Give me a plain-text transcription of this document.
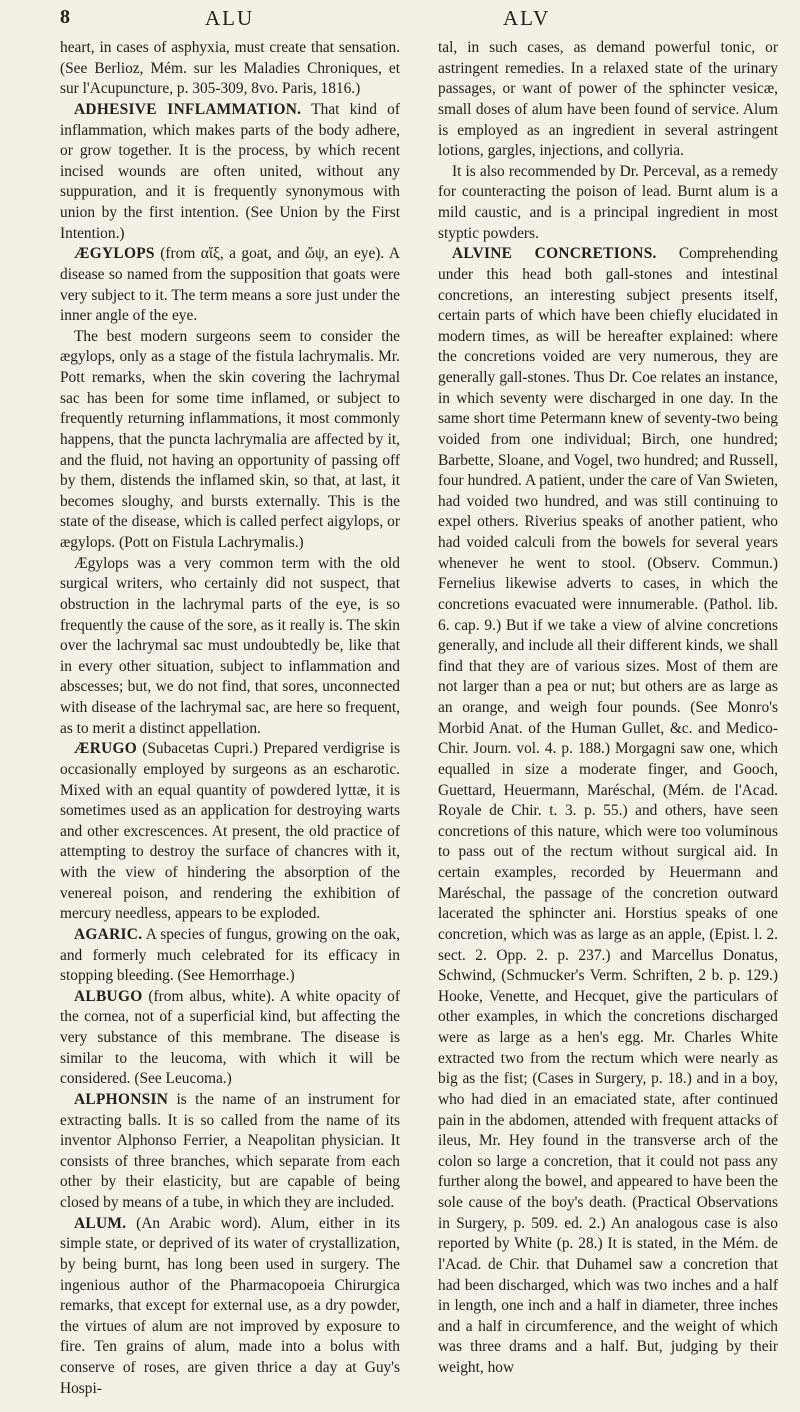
8	ALU	ALV

heart, in cases of asphyxia, must create that sensation. (See Berlioz, Mém. sur les Maladies Chroniques, et sur l'Acupuncture, p. 305-309, 8vo. Paris, 1816.)

ADHESIVE INFLAMMATION. That kind of inflammation, which makes parts of the body adhere, or grow together. It is the process, by which recent incised wounds are often united, without any suppuration, and it is frequently synonymous with union by the first intention. (See Union by the First Intention.)

ÆGYLOPS (from αἴξ, a goat, and ὤψ, an eye). A disease so named from the supposition that goats were very subject to it. The term means a sore just under the inner angle of the eye.

The best modern surgeons seem to consider the ægylops, only as a stage of the fistula lachrymalis. Mr. Pott remarks, when the skin covering the lachrymal sac has been for some time inflamed, or subject to frequently returning inflammations, it most commonly happens, that the puncta lachrymalia are affected by it, and the fluid, not having an opportunity of passing off by them, distends the inflamed skin, so that, at last, it becomes sloughy, and bursts externally. This is the state of the disease, which is called perfect aigylops, or ægylops. (Pott on Fistula Lachrymalis.)

Ægylops was a very common term with the old surgical writers, who certainly did not suspect, that obstruction in the lachrymal parts of the eye, is so frequently the cause of the sore, as it really is. The skin over the lachrymal sac must undoubtedly be, like that in every other situation, subject to inflammation and abscesses; but, we do not find, that sores, unconnected with disease of the lachrymal sac, are here so frequent, as to merit a distinct appellation.

ÆRUGO (Subacetas Cupri.) Prepared verdigrise is occasionally employed by surgeons as an escharotic. Mixed with an equal quantity of powdered lyttæ, it is sometimes used as an application for destroying warts and other excrescences. At present, the old practice of attempting to destroy the surface of chancres with it, with the view of hindering the absorption of the venereal poison, and rendering the exhibition of mercury needless, appears to be exploded.

AGARIC. A species of fungus, growing on the oak, and formerly much celebrated for its efficacy in stopping bleeding. (See Hemorrhage.)

ALBUGO (from albus, white). A white opacity of the cornea, not of a superficial kind, but affecting the very substance of this membrane. The disease is similar to the leucoma, with which it will be considered. (See Leucoma.)

ALPHONSIN is the name of an instrument for extracting balls. It is so called from the name of its inventor Alphonso Ferrier, a Neapolitan physician. It consists of three branches, which separate from each other by their elasticity, but are capable of being closed by means of a tube, in which they are included.

ALUM. (An Arabic word). Alum, either in its simple state, or deprived of its water of crystallization, by being burnt, has long been used in surgery. The ingenious author of the Pharmacopoeia Chirurgica remarks, that except for external use, as a dry powder, the virtues of alum are not improved by exposure to fire. Ten grains of alum, made into a bolus with conserve of roses, are given thrice a day at Guy's Hospi-

tal, in such cases, as demand powerful tonic, or astringent remedies. In a relaxed state of the urinary passages, or want of power of the sphincter vesicæ, small doses of alum have been found of service. Alum is employed as an ingredient in several astringent lotions, gargles, injections, and collyria.

It is also recommended by Dr. Perceval, as a remedy for counteracting the poison of lead. Burnt alum is a mild caustic, and is a principal ingredient in most styptic powders.

ALVINE CONCRETIONS. Comprehending under this head both gall-stones and intestinal concretions, an interesting subject presents itself, certain parts of which have been chiefly elucidated in modern times, as will be hereafter explained: where the concretions voided are very numerous, they are generally gall-stones. Thus Dr. Coe relates an instance, in which seventy were discharged in one day. In the same short time Petermann knew of seventy-two being voided from one individual; Birch, one hundred; Barbette, Sloane, and Vogel, two hundred; and Russell, four hundred. A patient, under the care of Van Swieten, had voided two hundred, and was still continuing to expel others. Riverius speaks of another patient, who had voided calculi from the bowels for several years whenever he went to stool. (Observ. Commun.) Fernelius likewise adverts to cases, in which the concretions evacuated were innumerable. (Pathol. lib. 6. cap. 9.) But if we take a view of alvine concretions generally, and include all their different kinds, we shall find that they are of various sizes. Most of them are not larger than a pea or nut; but others are as large as an orange, and weigh four pounds. (See Monro's Morbid Anat. of the Human Gullet, &c. and Medico-Chir. Journ. vol. 4. p. 188.) Morgagni saw one, which equalled in size a moderate finger, and Gooch, Guettard, Heuermann, Maréschal, (Mém. de l'Acad. Royale de Chir. t. 3. p. 55.) and others, have seen concretions of this nature, which were too voluminous to pass out of the rectum without surgical aid. In certain examples, recorded by Heuermann and Maréschal, the passage of the concretion outward lacerated the sphincter ani. Horstius speaks of one concretion, which was as large as an apple, (Epist. l. 2. sect. 2. Opp. 2. p. 237.) and Marcellus Donatus, Schwind, (Schmucker's Verm. Schriften, 2 b. p. 129.) Hooke, Venette, and Hecquet, give the particulars of other examples, in which the concretions discharged were as large as a hen's egg. Mr. Charles White extracted two from the rectum which were nearly as big as the fist; (Cases in Surgery, p. 18.) and in a boy, who had died in an emaciated state, after continued pain in the abdomen, attended with frequent attacks of ileus, Mr. Hey found in the transverse arch of the colon so large a concretion, that it could not pass any further along the bowel, and appeared to have been the sole cause of the boy's death. (Practical Observations in Surgery, p. 509. ed. 2.) An analogous case is also reported by White (p. 28.) It is stated, in the Mém. de l'Acad. de Chir. that Duhamel saw a concretion that had been discharged, which was two inches and a half in length, one inch and a half in diameter, three inches and a half in circumference, and the weight of which was three drams and a half. But, judging by their weight, how
